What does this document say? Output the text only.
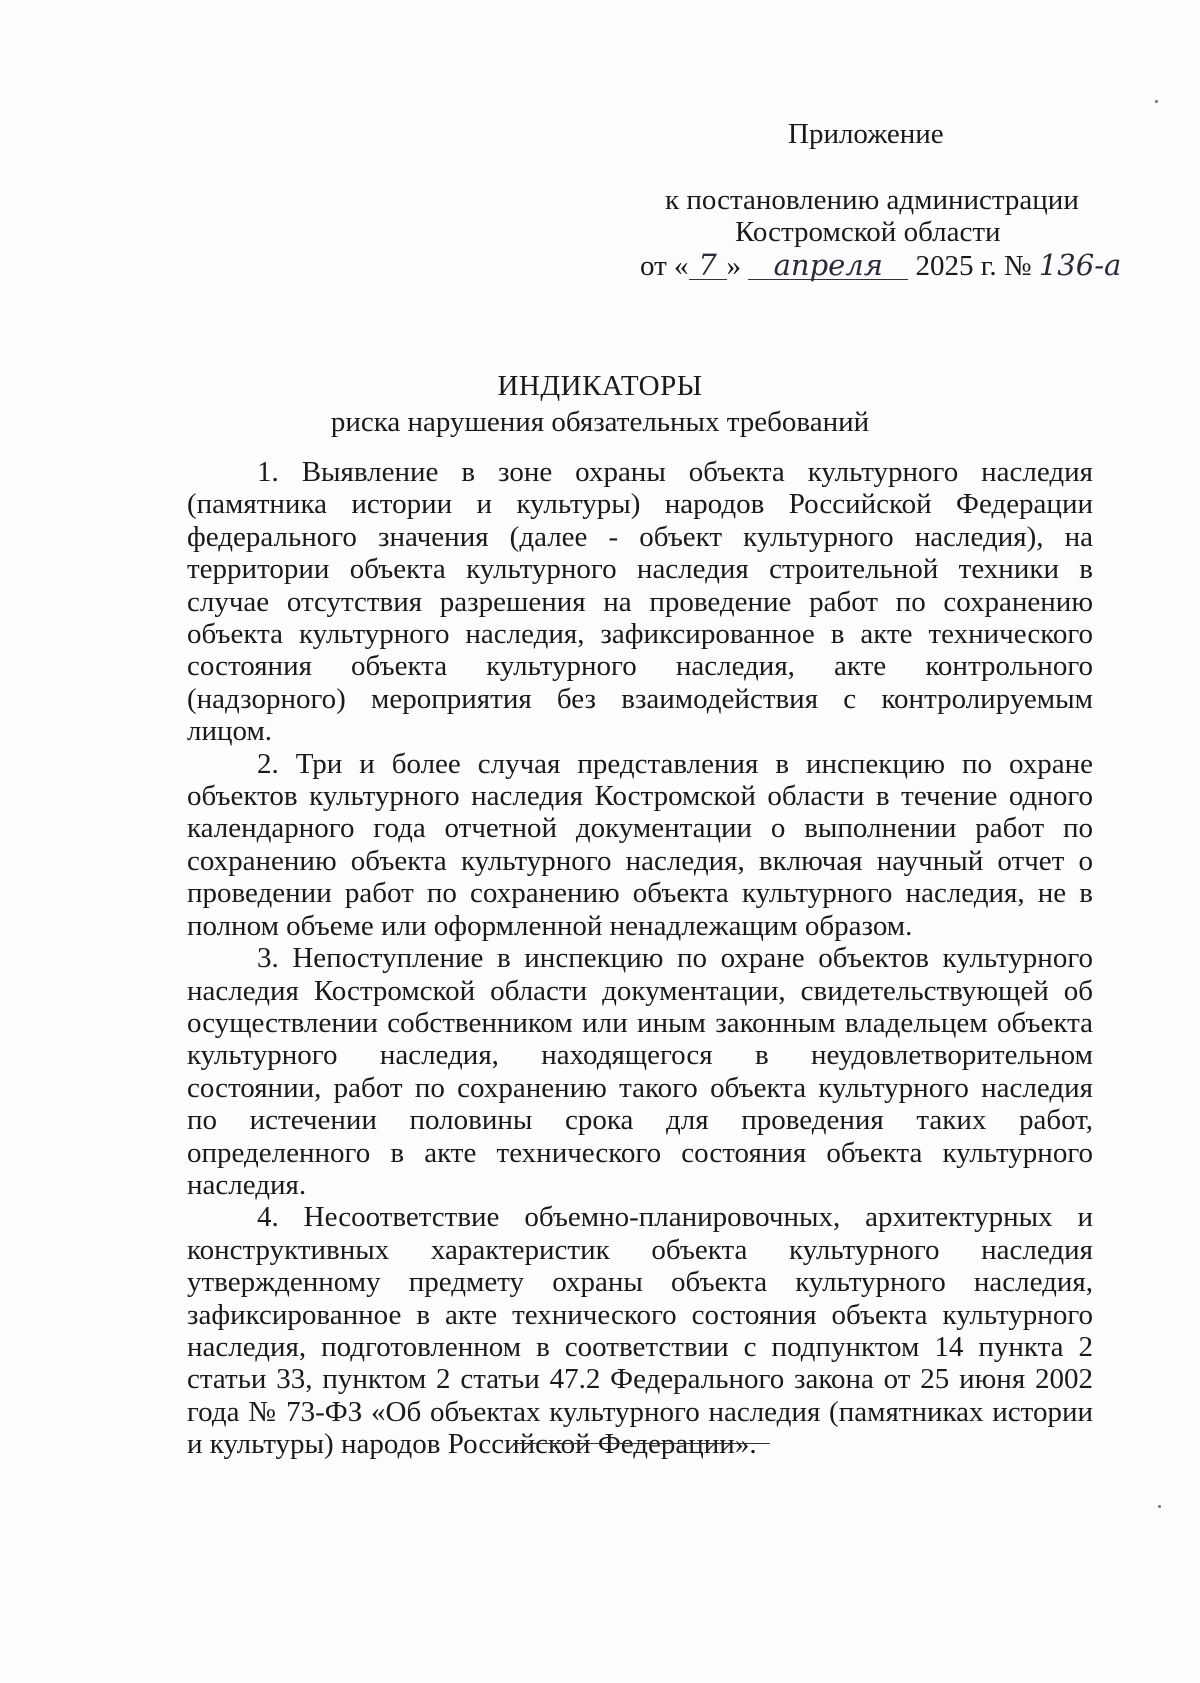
Приложение
к постановлению администрации
Костромской области
от « 7 » апреля 2025 г. № 136-а
ИНДИКАТОРЫ
риска нарушения обязательных требований

1. Выявление в зоне охраны объекта культурного наследия (памятника истории и культуры) народов Российской Федерации федерального значения (далее - объект культурного наследия), на территории объекта культурного наследия строительной техники в случае отсутствия разрешения на проведение работ по сохранению объекта культурного наследия, зафиксированное в акте технического состояния объекта культурного наследия, акте контрольного (надзорного) мероприятия без взаимодействия с контролируемым лицом.

2. Три и более случая представления в инспекцию по охране объектов культурного наследия Костромской области в течение одного календарного года отчетной документации о выполнении работ по сохранению объекта культурного наследия, включая научный отчет о проведении работ по сохранению объекта культурного наследия, не в полном объеме или оформленной ненадлежащим образом.

3. Непоступление в инспекцию по охране объектов культурного наследия Костромской области документации, свидетельствующей об осуществлении собственником или иным законным владельцем объекта культурного наследия, находящегося в неудовлетворительном состоянии, работ по сохранению такого объекта культурного наследия по истечении половины срока для проведения таких работ, определенного в акте технического состояния объекта культурного наследия.

4. Несоответствие объемно-планировочных, архитектурных и конструктивных характеристик объекта культурного наследия утвержденному предмету охраны объекта культурного наследия, зафиксированное в акте технического состояния объекта культурного наследия, подготовленном в соответствии с подпунктом 14 пункта 2 статьи 33, пунктом 2 статьи 47.2 Федерального закона от 25 июня 2002 года № 73-ФЗ «Об объектах культурного наследия (памятниках истории и культуры) народов Российской Федерации».
